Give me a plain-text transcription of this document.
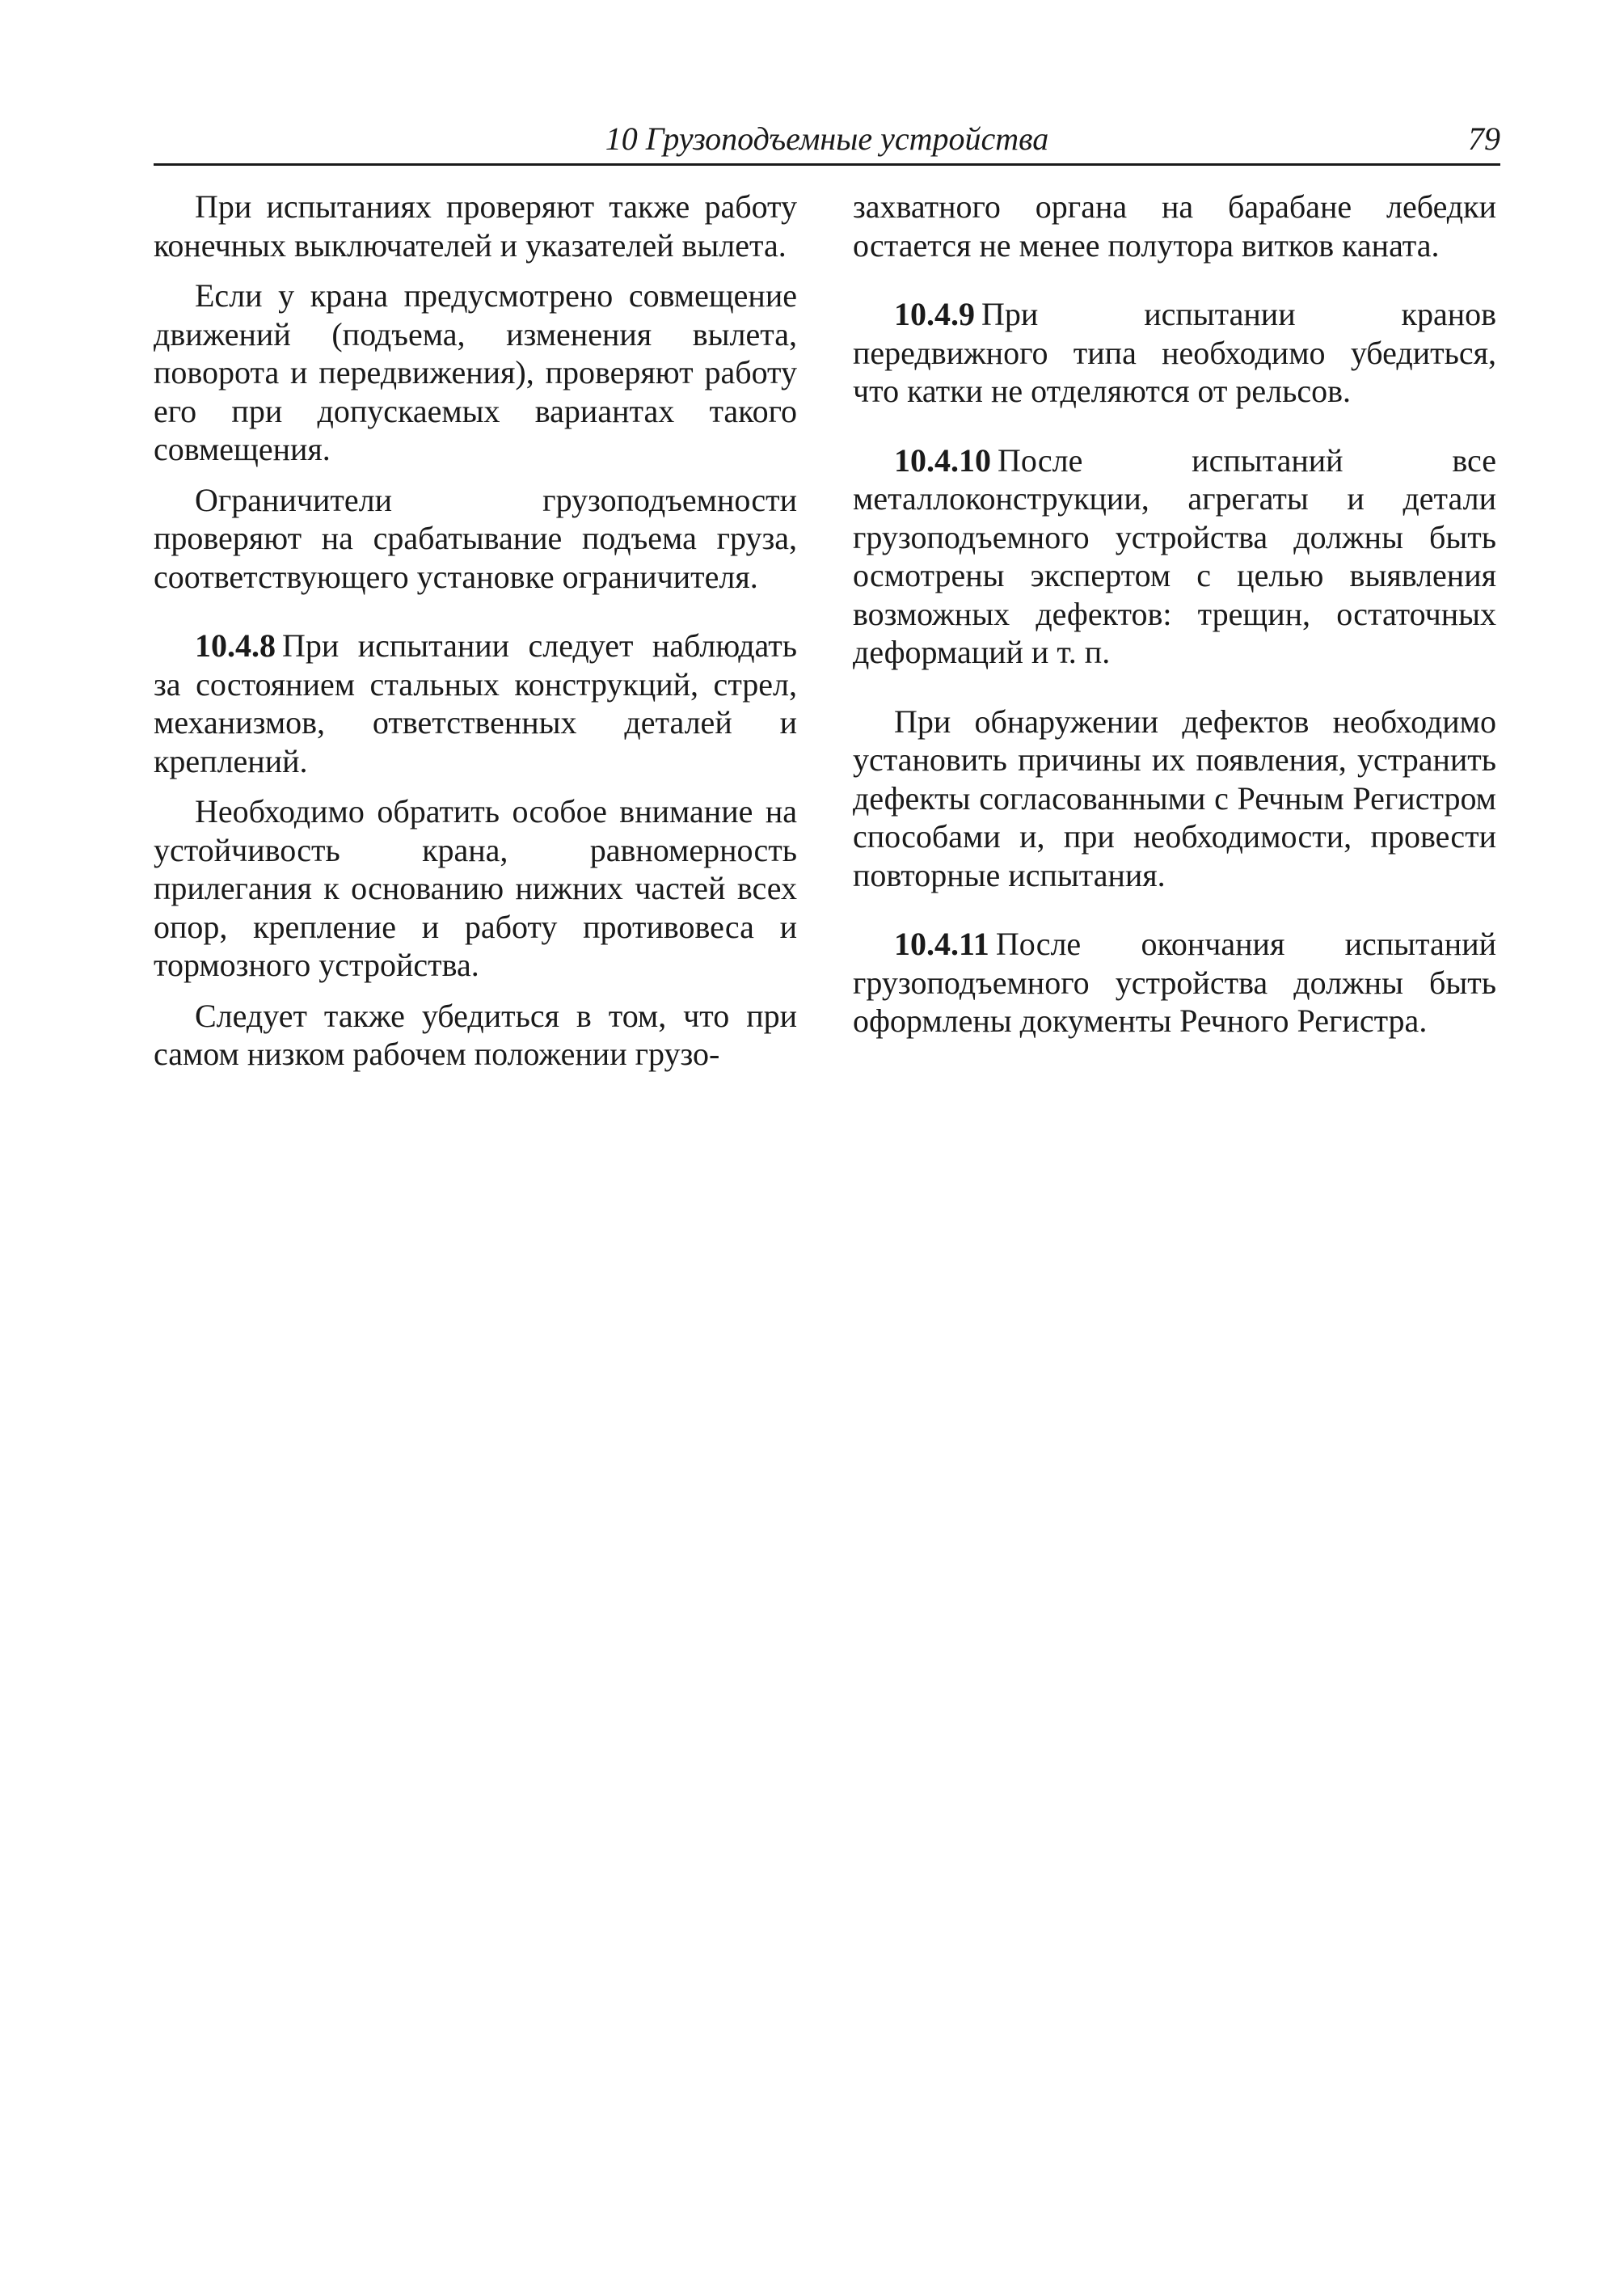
10 Грузоподъемные устройства	79

При испытаниях проверяют также работу конечных выключателей и указателей вылета.

Если у крана предусмотрено совмещение движений (подъема, изменения вылета, поворота и передвижения), проверяют работу его при допускаемых вариантах такого совмещения.

Ограничители грузоподъемности проверяют на срабатывание подъема груза, соответствующего установке ограничителя.

10.4.8  При испытании следует наблюдать за состоянием стальных конструкций, стрел, механизмов, ответственных деталей и креплений.

Необходимо обратить особое внимание на устойчивость крана, равномерность прилегания к основанию нижних частей всех опор, крепление и работу противовеса и тормозного устройства.

Следует также убедиться в том, что при самом низком рабочем положении грузо-

захватного органа на барабане лебедки остается не менее полутора витков каната.

10.4.9  При испытании кранов передвижного типа необходимо убедиться, что катки не отделяются от рельсов.

10.4.10  После испытаний все металлоконструкции, агрегаты и детали грузоподъемного устройства должны быть осмотрены экспертом с целью выявления возможных дефектов: трещин, остаточных деформаций и т. п.

При обнаружении дефектов необходимо установить причины их появления, устранить дефекты согласованными с Речным Регистром способами и, при необходимости, провести повторные испытания.

10.4.11  После окончания испытаний грузоподъемного устройства должны быть оформлены документы Речного Регистра.
